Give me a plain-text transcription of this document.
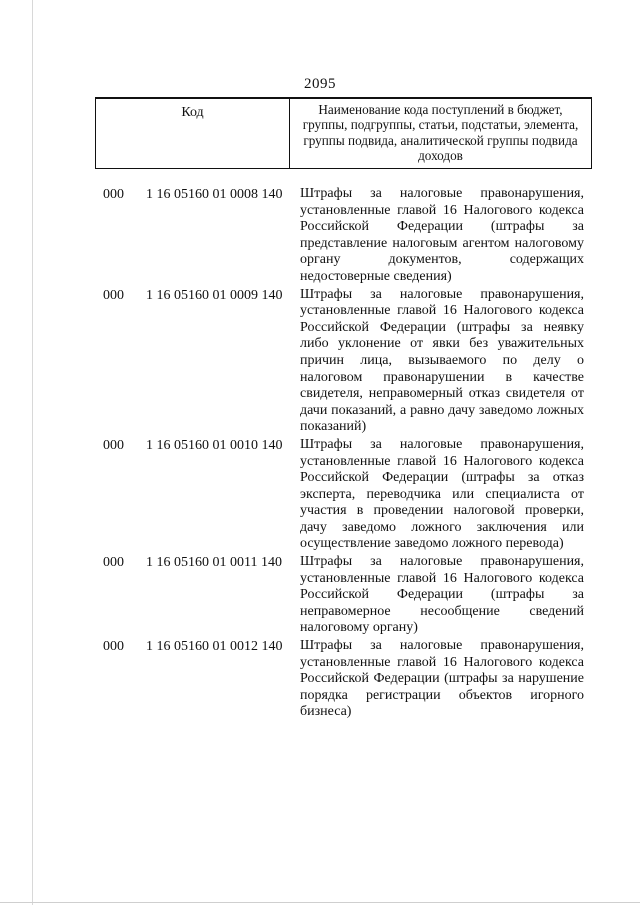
2095
Код	Наименование кода поступлений в бюджет, группы, подгруппы, статьи, подстатьи, элемента, группы подвида, аналитической группы подвида доходов
000 1 16 05160 01 0008 140 Штрафы за налоговые правонарушения, установленные главой 16 Налогового кодекса Российской Федерации (штрафы за представление налоговым агентом налоговому органу документов, содержащих недостоверные сведения)
000 1 16 05160 01 0009 140 Штрафы за налоговые правонарушения, установленные главой 16 Налогового кодекса Российской Федерации (штрафы за неявку либо уклонение от явки без уважительных причин лица, вызываемого по делу о налоговом правонарушении в качестве свидетеля, неправомерный отказ свидетеля от дачи показаний, а равно дачу заведомо ложных показаний)
000 1 16 05160 01 0010 140 Штрафы за налоговые правонарушения, установленные главой 16 Налогового кодекса Российской Федерации (штрафы за отказ эксперта, переводчика или специалиста от участия в проведении налоговой проверки, дачу заведомо ложного заключения или осуществление заведомо ложного перевода)
000 1 16 05160 01 0011 140 Штрафы за налоговые правонарушения, установленные главой 16 Налогового кодекса Российской Федерации (штрафы за неправомерное несообщение сведений налоговому органу)
000 1 16 05160 01 0012 140 Штрафы за налоговые правонарушения, установленные главой 16 Налогового кодекса Российской Федерации (штрафы за нарушение порядка регистрации объектов игорного бизнеса)
